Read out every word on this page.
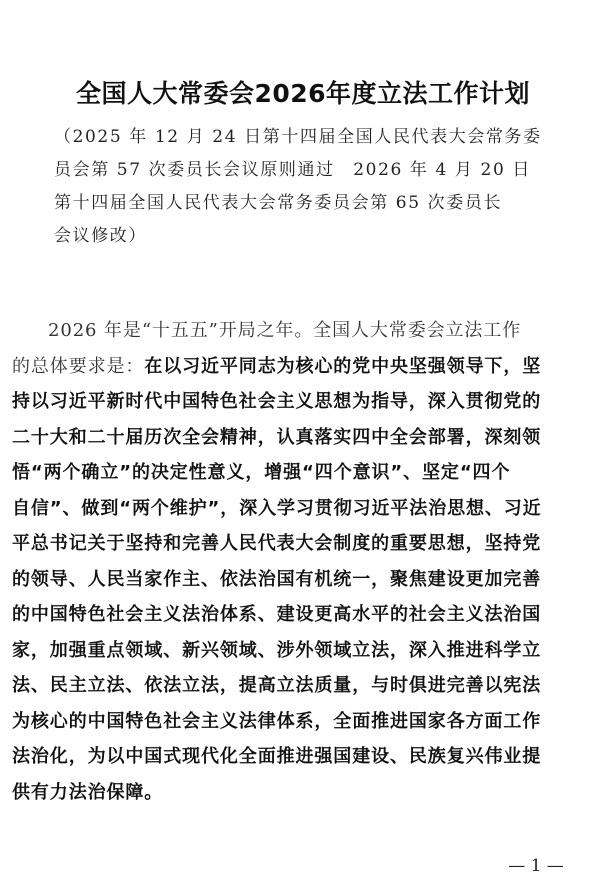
全国人大常委会2026年度立法工作计划
（2025 年 12 月 24 日第十四届全国人民代表大会常务委
员会第 57 次委员长会议原则通过　2026 年 4 月 20 日
第十四届全国人民代表大会常务委员会第 65 次委员长
会议修改）
2026 年是“十五五”开局之年。全国人大常委会立法工作
的总体要求是：在以习近平同志为核心的党中央坚强领导下，坚
持以习近平新时代中国特色社会主义思想为指导，深入贯彻党的
二十大和二十届历次全会精神，认真落实四中全会部署，深刻领
悟“两个确立”的决定性意义，增强“四个意识”、坚定“四个
自信”、做到“两个维护”，深入学习贯彻习近平法治思想、习近
平总书记关于坚持和完善人民代表大会制度的重要思想，坚持党
的领导、人民当家作主、依法治国有机统一，聚焦建设更加完善
的中国特色社会主义法治体系、建设更高水平的社会主义法治国
家，加强重点领域、新兴领域、涉外领域立法，深入推进科学立
法、民主立法、依法立法，提高立法质量，与时俱进完善以宪法
为核心的中国特色社会主义法律体系，全面推进国家各方面工作
法治化，为以中国式现代化全面推进强国建设、民族复兴伟业提
供有力法治保障。
— 1 —
